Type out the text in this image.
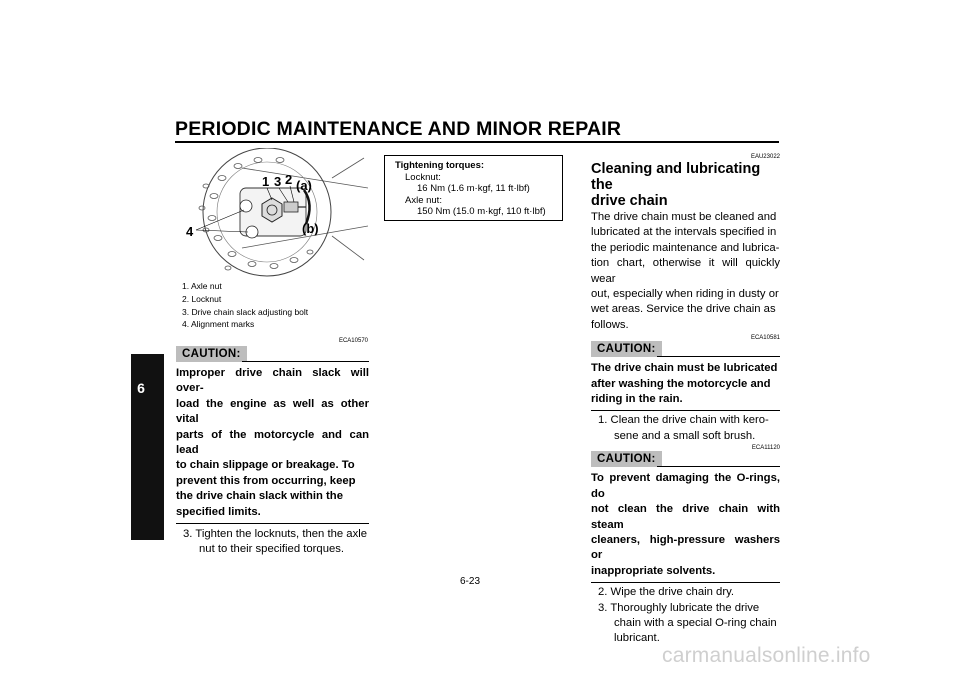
PERIODIC MAINTENANCE AND MINOR REPAIR
6
1 3 2 (a)
4	(b)
1. Axle nut
2. Locknut
3. Drive chain slack adjusting bolt
4. Alignment marks
ECA10570
CAUTION:
Improper drive chain slack will over-
load the engine as well as other vital
parts of the motorcycle and can lead
to chain slippage or breakage. To
prevent this from occurring, keep
the drive chain slack within the
specified limits.
3. Tighten the locknuts, then the axle
nut to their specified torques.
Tightening torques:
Locknut:
16 Nm (1.6 m·kgf, 11 ft·lbf)
Axle nut:
150 Nm (15.0 m·kgf, 110 ft·lbf)
EAU23022
Cleaning and lubricating the
drive chain
The drive chain must be cleaned and
lubricated at the intervals specified in
the periodic maintenance and lubrica-
tion chart, otherwise it will quickly wear
out, especially when riding in dusty or
wet areas. Service the drive chain as
follows.
ECA10581
CAUTION:
The drive chain must be lubricated
after washing the motorcycle and
riding in the rain.
1. Clean the drive chain with kero-
sene and a small soft brush.
ECA11120
CAUTION:
To prevent damaging the O-rings, do
not clean the drive chain with steam
cleaners, high-pressure washers or
inappropriate solvents.
2. Wipe the drive chain dry.
3. Thoroughly lubricate the drive
chain with a special O-ring chain
lubricant.
6-23
carmanualsonline.info
